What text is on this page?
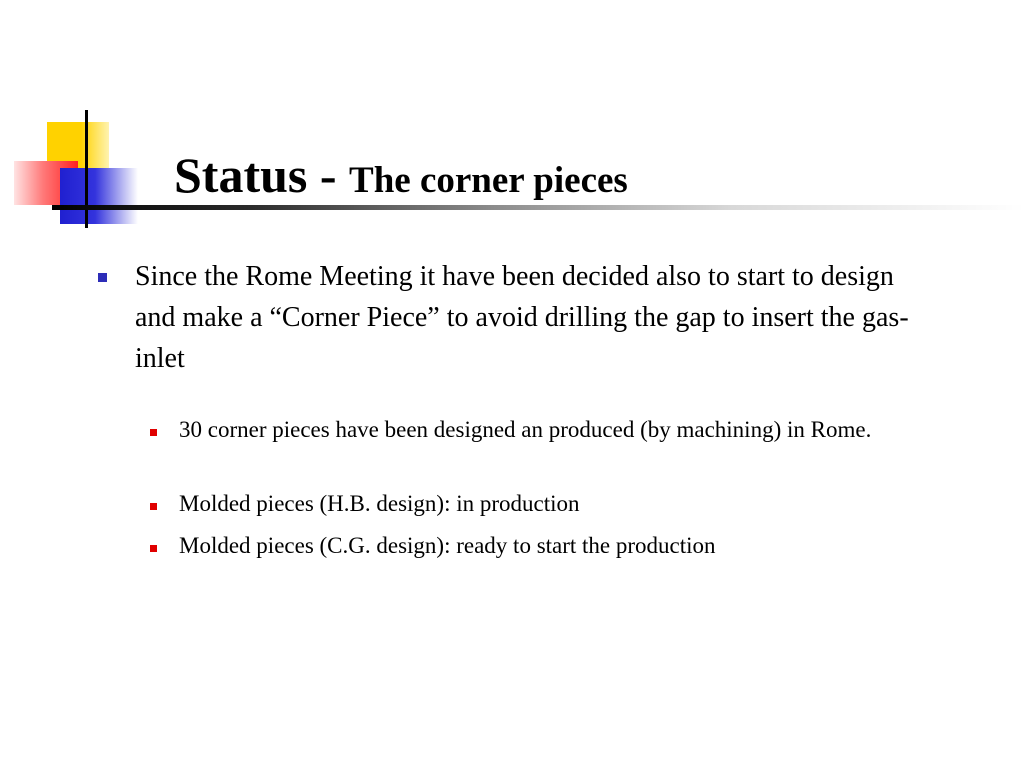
Status - The corner pieces
Since the Rome Meeting it have been decided also to start to design and make a “Corner Piece” to avoid drilling the gap to insert the gas-inlet
30 corner pieces have been designed an produced (by machining) in Rome.
Molded pieces (H.B. design): in production
Molded pieces (C.G. design): ready to start the production
